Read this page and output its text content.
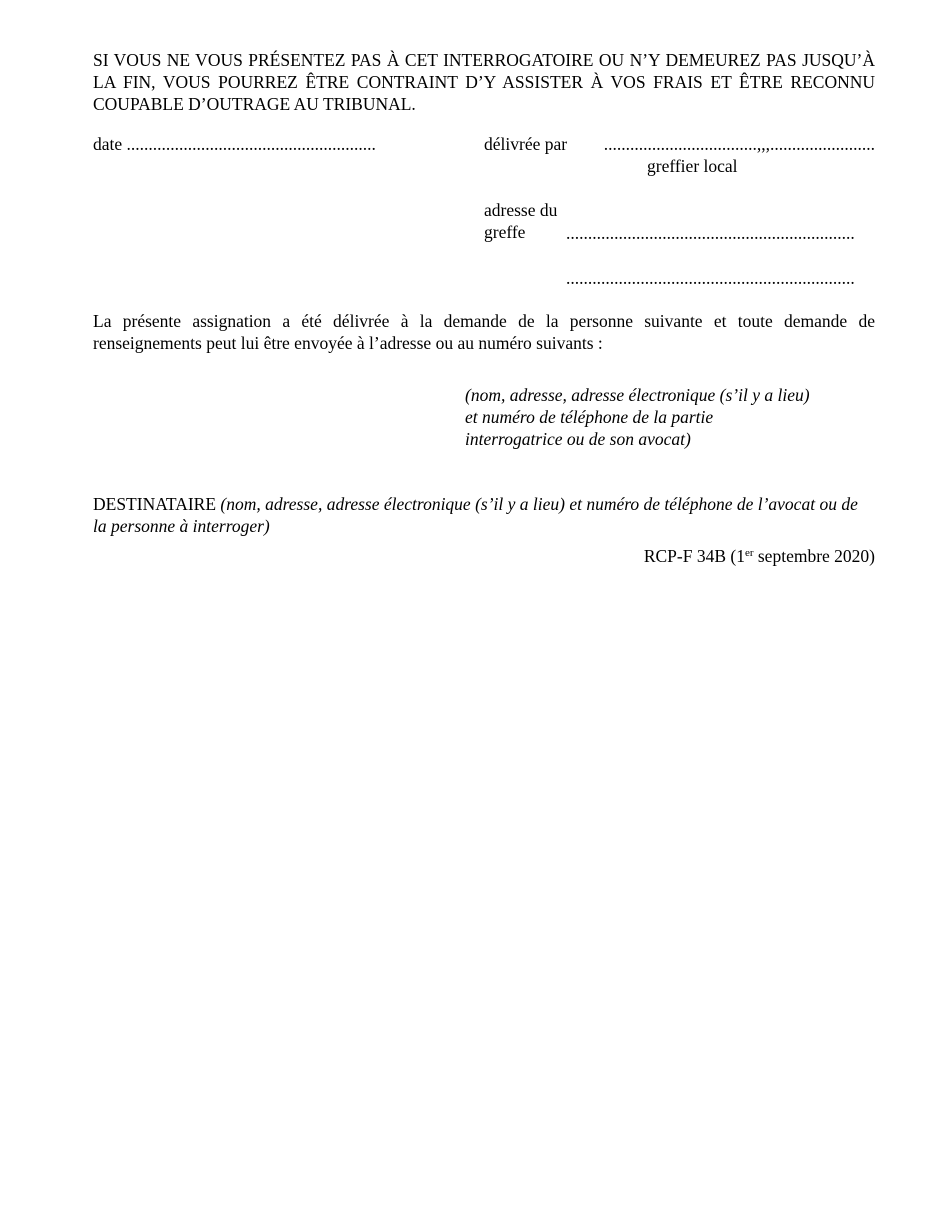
SI VOUS NE VOUS PRÉSENTEZ PAS À CET INTERROGATOIRE OU N’Y DEMEUREZ PAS JUSQU’À LA FIN, VOUS POURREZ ÊTRE CONTRAINT D’Y ASSISTER À VOS FRAIS ET ÊTRE RECONNU COUPABLE D’OUTRAGE AU TRIBUNAL.
date .........................................................	délivrée par ...................................,,,........................
greffier local
adresse du
greffe	..................................................................
..................................................................
La présente assignation a été délivrée à la demande de la personne suivante et toute demande de renseignements peut lui être envoyée à l’adresse ou au numéro suivants :
(nom, adresse, adresse électronique (s’il y a lieu) et numéro de téléphone de la partie interrogatrice ou de son avocat)
DESTINATAIRE (nom, adresse, adresse électronique (s’il y a lieu) et numéro de téléphone de l’avocat ou de la personne à interroger)
RCP-F 34B (1er septembre 2020)
